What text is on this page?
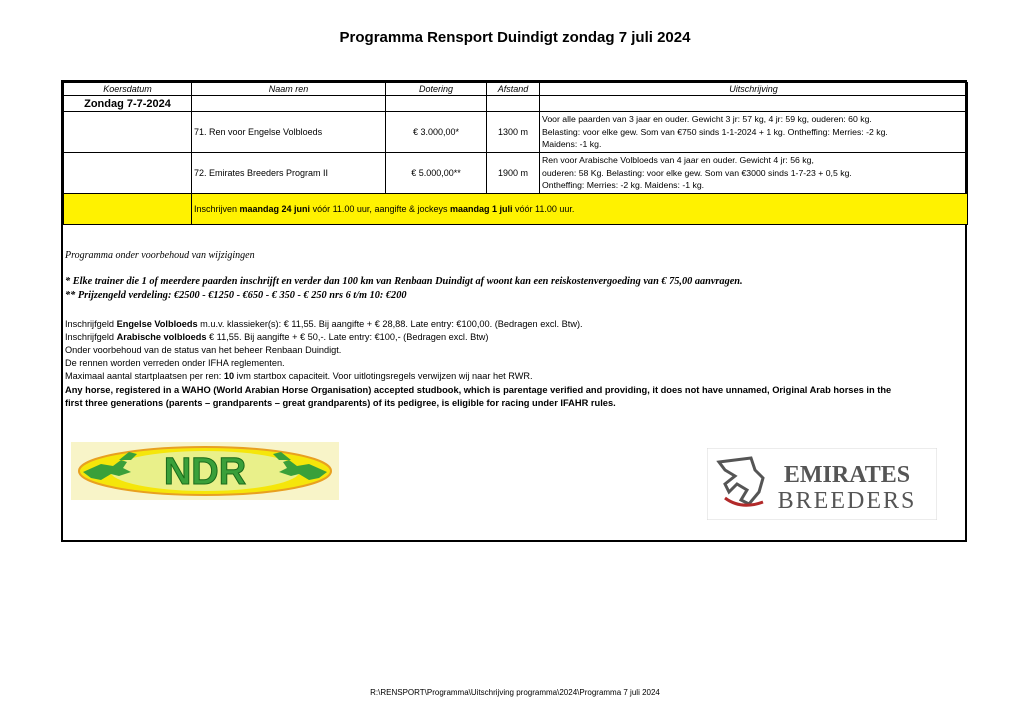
Programma Rensport Duindigt zondag 7 juli 2024
Koersdatum	Naam ren	Dotering	Afstand	Uitschrijving
Zondag 7-7-2024				
	71. Ren voor Engelse Volbloeds	€ 3.000,00*	1300 m	Voor alle paarden van 3 jaar en ouder. Gewicht 3 jr: 57 kg, 4 jr: 59 kg, ouderen: 60 kg.
Belasting: voor elke gew. Som van €750 sinds 1-1-2024 + 1 kg. Ontheffing: Merries: -2 kg.
Maidens: -1 kg.

	72. Emirates Breeders Program II	€ 5.000,00**	1900 m	Ren voor Arabische Volbloeds van 4 jaar en ouder. Gewicht 4 jr: 56 kg,
ouderen: 58 Kg. Belasting: voor elke gew. Som van €3000 sinds 1-7-23 + 0,5 kg.
Ontheffing: Merries: -2 kg. Maidens: -1 kg.

	Inschrijven maandag 24 juni vóór 11.00 uur, aangifte & jockeys maandag 1 juli vóór 11.00 uur.			
Programma onder voorbehoud van wijzigingen
* Elke trainer die 1 of meerdere paarden inschrijft en verder dan 100 km van Renbaan Duindigt af woont kan een reiskostenvergoeding van € 75,00 aanvragen.
** Prijzengeld verdeling: €2500 - €1250 - €650 - € 350 - € 250 nrs 6 t/m 10: €200
Inschrijfgeld Engelse Volbloeds m.u.v. klassieker(s): € 11,55. Bij aangifte + € 28,88. Late entry: €100,00. (Bedragen excl. Btw).
Inschrijfgeld Arabische volbloeds € 11,55. Bij aangifte + € 50,-. Late entry: €100,- (Bedragen excl. Btw)
Onder voorbehoud van de status van het beheer Renbaan Duindigt.
De rennen worden verreden onder IFHA reglementen.
Maximaal aantal startplaatsen per ren: 10 ivm startbox capaciteit. Voor uitlotingsregels verwijzen wij naar het RWR.
Any horse, registered in a WAHO (World Arabian Horse Organisation) accepted studbook, which is parentage verified and providing, it does not have unnamed, Original Arab horses in the
first three generations (parents – grandparents – great grandparents) of its pedigree, is eligible for racing under IFAHR rules.
NDR	EMIRATES
BREEDERS
R:\RENSPORT\Programma\Uitschrijving programma\2024\Programma 7 juli 2024
